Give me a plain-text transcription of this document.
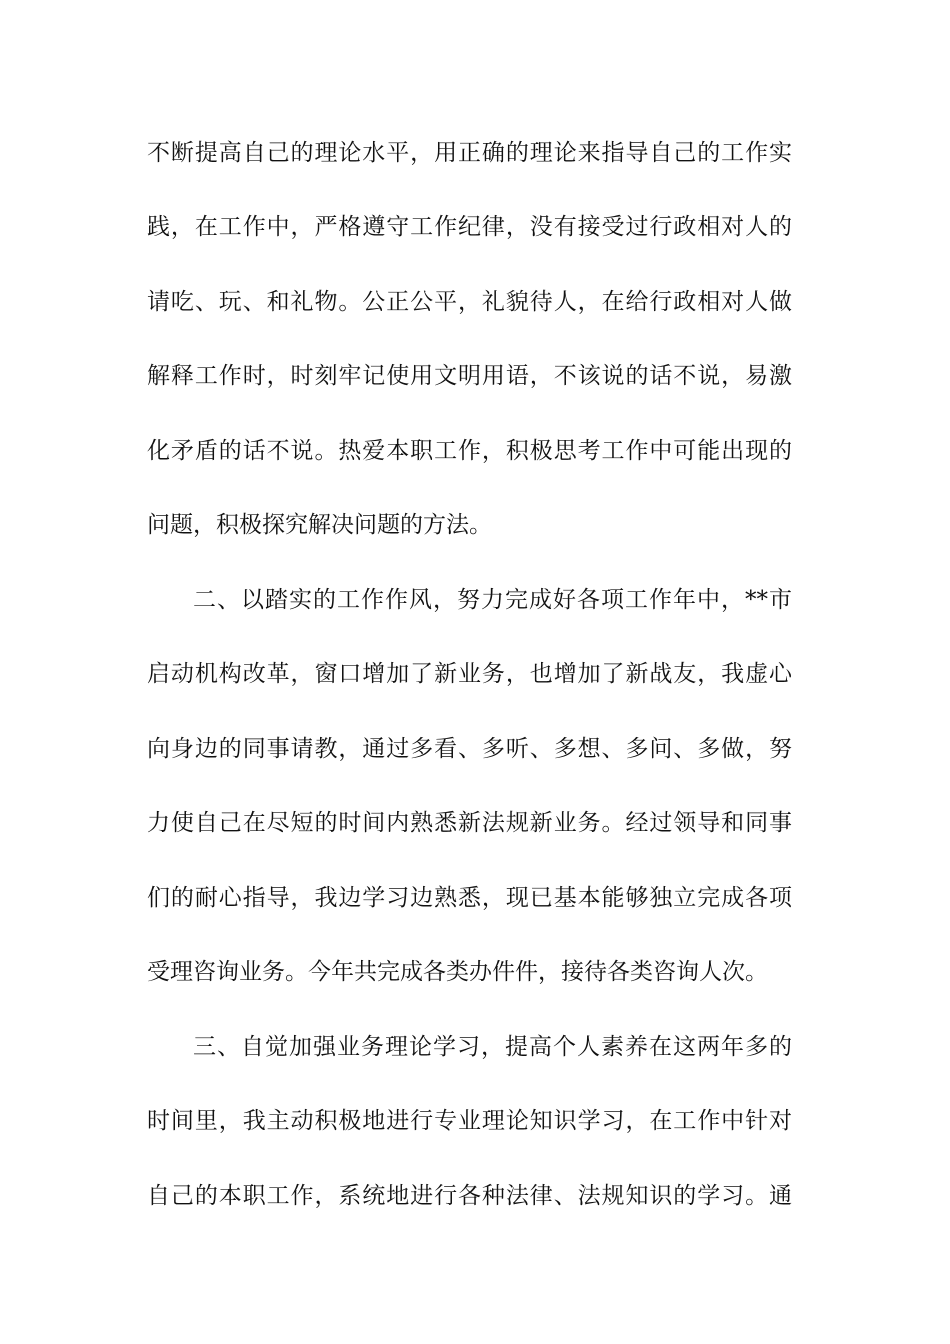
不断提高自己的理论水平，用正确的理论来指导自己的工作实
践，在工作中，严格遵守工作纪律，没有接受过行政相对人的
请吃、玩、和礼物。公正公平，礼貌待人，在给行政相对人做
解释工作时，时刻牢记使用文明用语，不该说的话不说，易激
化矛盾的话不说。热爱本职工作，积极思考工作中可能出现的
问题，积极探究解决问题的方法。
二、以踏实的工作作风，努力完成好各项工作年中，**市
启动机构改革，窗口增加了新业务，也增加了新战友，我虚心
向身边的同事请教，通过多看、多听、多想、多问、多做，努
力使自己在尽短的时间内熟悉新法规新业务。经过领导和同事
们的耐心指导，我边学习边熟悉，现已基本能够独立完成各项
受理咨询业务。今年共完成各类办件件，接待各类咨询人次。
三、自觉加强业务理论学习，提高个人素养在这两年多的
时间里，我主动积极地进行专业理论知识学习，在工作中针对
自己的本职工作，系统地进行各种法律、法规知识的学习。通
